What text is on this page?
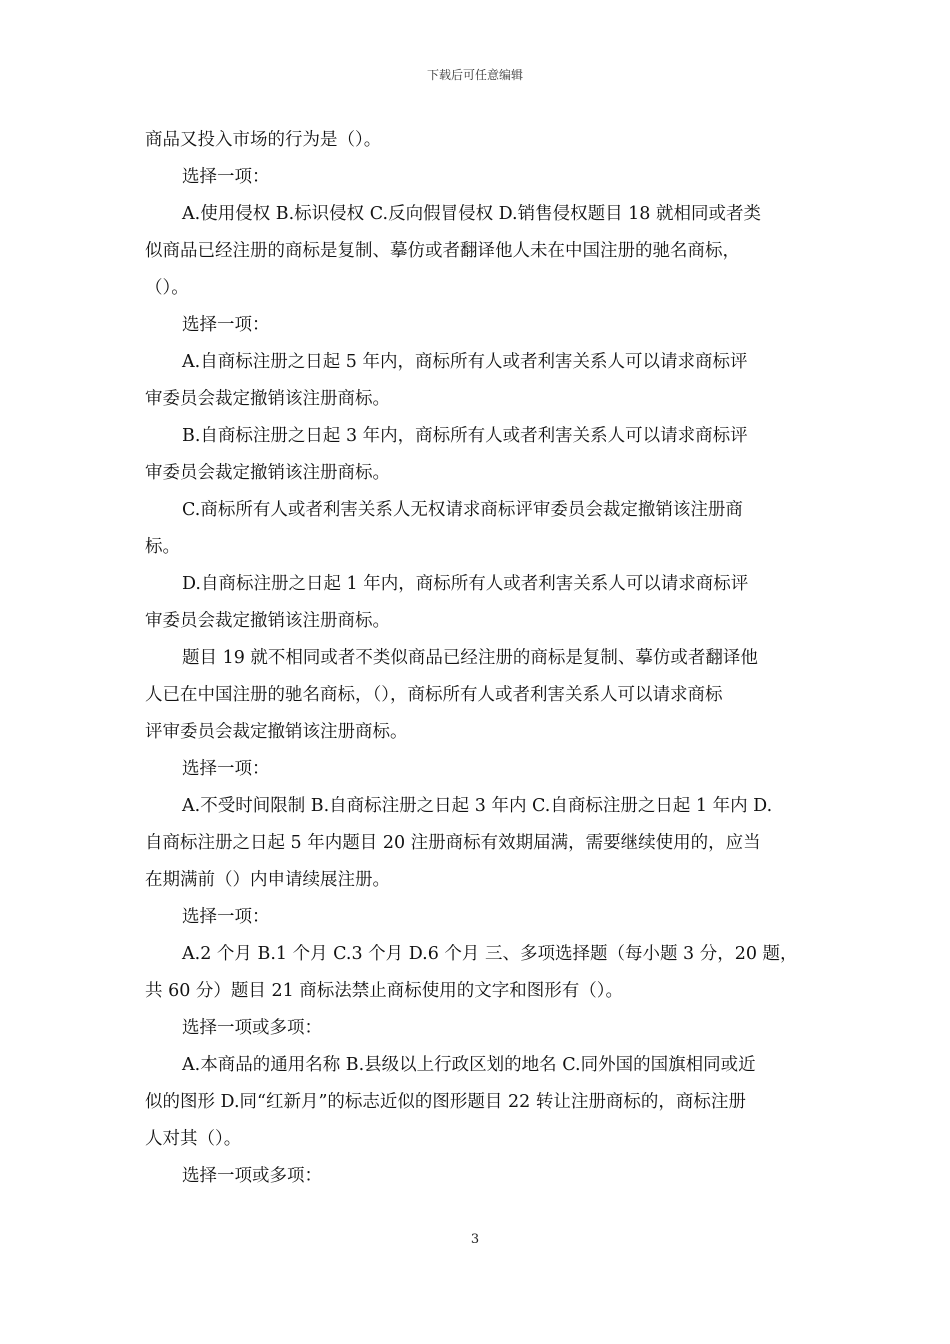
下载后可任意编辑
商品又投入市场的行为是（）。
选择一项：
A.使用侵权 B.标识侵权 C.反向假冒侵权 D.销售侵权题目 18 就相同或者类
似商品已经注册的商标是复制、摹仿或者翻译他人未在中国注册的驰名商标，
（）。
选择一项：
A.自商标注册之日起 5 年内，商标所有人或者利害关系人可以请求商标评
审委员会裁定撤销该注册商标。
B.自商标注册之日起 3 年内，商标所有人或者利害关系人可以请求商标评
审委员会裁定撤销该注册商标。
C.商标所有人或者利害关系人无权请求商标评审委员会裁定撤销该注册商
标。
D.自商标注册之日起 1 年内，商标所有人或者利害关系人可以请求商标评
审委员会裁定撤销该注册商标。
题目 19 就不相同或者不类似商品已经注册的商标是复制、摹仿或者翻译他
人已在中国注册的驰名商标，（），商标所有人或者利害关系人可以请求商标
评审委员会裁定撤销该注册商标。
选择一项：
A.不受时间限制 B.自商标注册之日起 3 年内 C.自商标注册之日起 1 年内 D.
自商标注册之日起 5 年内题目 20 注册商标有效期届满，需要继续使用的，应当
在期满前（）内申请续展注册。
选择一项：
A.2 个月 B.1 个月 C.3 个月 D.6 个月 三、多项选择题（每小题 3 分，20 题，
共 60 分）题目 21 商标法禁止商标使用的文字和图形有（）。
选择一项或多项：
A.本商品的通用名称 B.县级以上行政区划的地名 C.同外国的国旗相同或近
似的图形 D.同“红新月”的标志近似的图形题目 22 转让注册商标的，商标注册
人对其（）。
选择一项或多项：
3
